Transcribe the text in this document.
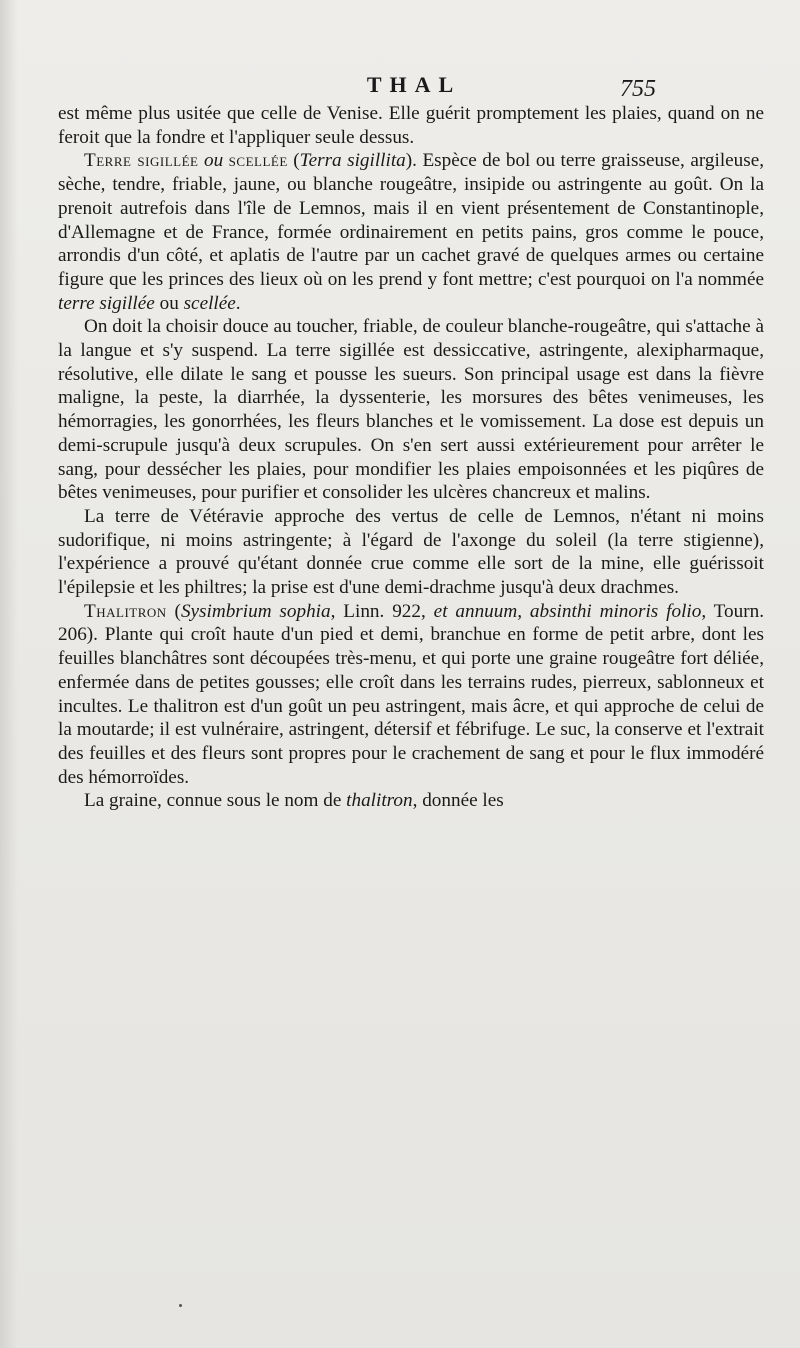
THAL	755

est même plus usitée que celle de Venise. Elle guérit promptement les plaies, quand on ne feroit que la fondre et l'appliquer seule dessus.

Terre sigillée ou scellée (Terra sigillita). Espèce de bol ou terre graisseuse, argileuse, sèche, tendre, friable, jaune, ou blanche rougeâtre, insipide ou astringente au goût. On la prenoit autrefois dans l'île de Lemnos, mais il en vient présentement de Constantinople, d'Allemagne et de France, formée ordinairement en petits pains, gros comme le pouce, arrondis d'un côté, et aplatis de l'autre par un cachet gravé de quelques armes ou certaine figure que les princes des lieux où on les prend y font mettre; c'est pourquoi on l'a nommée terre sigillée ou scellée.

On doit la choisir douce au toucher, friable, de couleur blanche-rougeâtre, qui s'attache à la langue et s'y suspend. La terre sigillée est dessiccative, astringente, alexipharmaque, résolutive, elle dilate le sang et pousse les sueurs. Son principal usage est dans la fièvre maligne, la peste, la diarrhée, la dyssenterie, les morsures des bêtes venimeuses, les hémorragies, les gonorrhées, les fleurs blanches et le vomissement. La dose est depuis un demi-scrupule jusqu'à deux scrupules. On s'en sert aussi extérieurement pour arrêter le sang, pour dessécher les plaies, pour mondifier les plaies empoisonnées et les piqûres de bêtes venimeuses, pour purifier et consolider les ulcères chancreux et malins.

La terre de Vétéravie approche des vertus de celle de Lemnos, n'étant ni moins sudorifique, ni moins astringente; à l'égard de l'axonge du soleil (la terre stigienne), l'expérience a prouvé qu'étant donnée crue comme elle sort de la mine, elle guérissoit l'épilepsie et les philtres; la prise est d'une demi-drachme jusqu'à deux drachmes.

Thalitron (Sysimbrium sophia, Linn. 922, et annuum, absinthi minoris folio, Tourn. 206). Plante qui croît haute d'un pied et demi, branchue en forme de petit arbre, dont les feuilles blanchâtres sont découpées très-menu, et qui porte une graine rougeâtre fort déliée, enfermée dans de petites gousses; elle croît dans les terrains rudes, pierreux, sablonneux et incultes. Le thalitron est d'un goût un peu astringent, mais âcre, et qui approche de celui de la moutarde; il est vulnéraire, astringent, détersif et fébrifuge. Le suc, la conserve et l'extrait des feuilles et des fleurs sont propres pour le crachement de sang et pour le flux immodéré des hémorroïdes.

La graine, connue sous le nom de thalitron, donnée les
